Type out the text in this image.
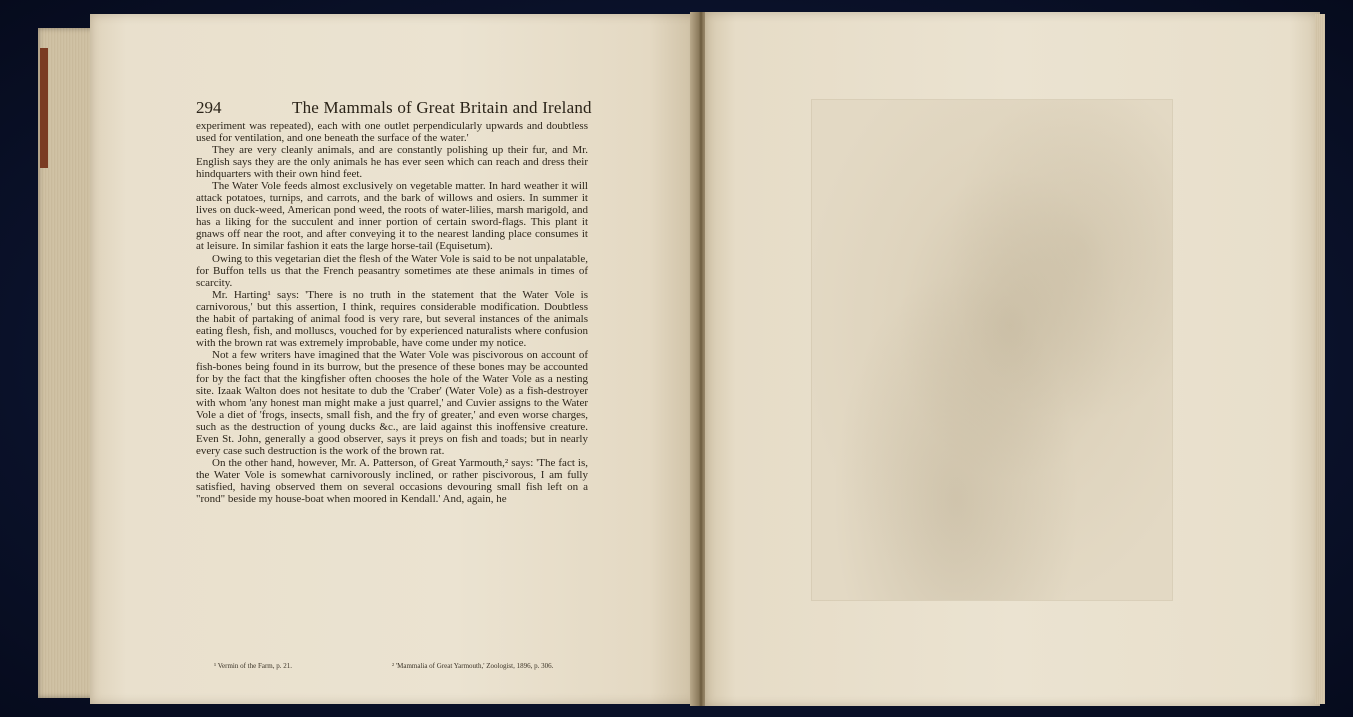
294	The Mammals of Great Britain and Ireland

experiment was repeated), each with one outlet perpendicularly upwards and doubtless used for ventilation, and one beneath the surface of the water.'

They are very cleanly animals, and are constantly polishing up their fur, and Mr. English says they are the only animals he has ever seen which can reach and dress their hindquarters with their own hind feet.

The Water Vole feeds almost exclusively on vegetable matter. In hard weather it will attack potatoes, turnips, and carrots, and the bark of willows and osiers. In summer it lives on duck-weed, American pond weed, the roots of water-lilies, marsh marigold, and has a liking for the succulent and inner portion of certain sword-flags. This plant it gnaws off near the root, and after conveying it to the nearest landing place consumes it at leisure. In similar fashion it eats the large horse-tail (Equisetum).

Owing to this vegetarian diet the flesh of the Water Vole is said to be not unpalatable, for Buffon tells us that the French peasantry sometimes ate these animals in times of scarcity.

Mr. Harting¹ says: 'There is no truth in the statement that the Water Vole is carnivorous,' but this assertion, I think, requires considerable modification. Doubtless the habit of partaking of animal food is very rare, but several instances of the animals eating flesh, fish, and molluscs, vouched for by experienced naturalists where confusion with the brown rat was extremely improbable, have come under my notice.

Not a few writers have imagined that the Water Vole was piscivorous on account of fish-bones being found in its burrow, but the presence of these bones may be accounted for by the fact that the kingfisher often chooses the hole of the Water Vole as a nesting site. Izaak Walton does not hesitate to dub the 'Craber' (Water Vole) as a fish-destroyer with whom 'any honest man might make a just quarrel,' and Cuvier assigns to the Water Vole a diet of 'frogs, insects, small fish, and the fry of greater,' and even worse charges, such as the destruction of young ducks &c., are laid against this inoffensive creature. Even St. John, generally a good observer, says it preys on fish and toads; but in nearly every case such destruction is the work of the brown rat.

On the other hand, however, Mr. A. Patterson, of Great Yarmouth,² says: 'The fact is, the Water Vole is somewhat carnivorously inclined, or rather piscivorous, I am fully satisfied, having observed them on several occasions devouring small fish left on a "rond" beside my house-boat when moored in Kendall.' And, again, he

¹ Vermin of the Farm, p. 21.	² 'Mammalia of Great Yarmouth,' Zoologist, 1896, p. 306.
